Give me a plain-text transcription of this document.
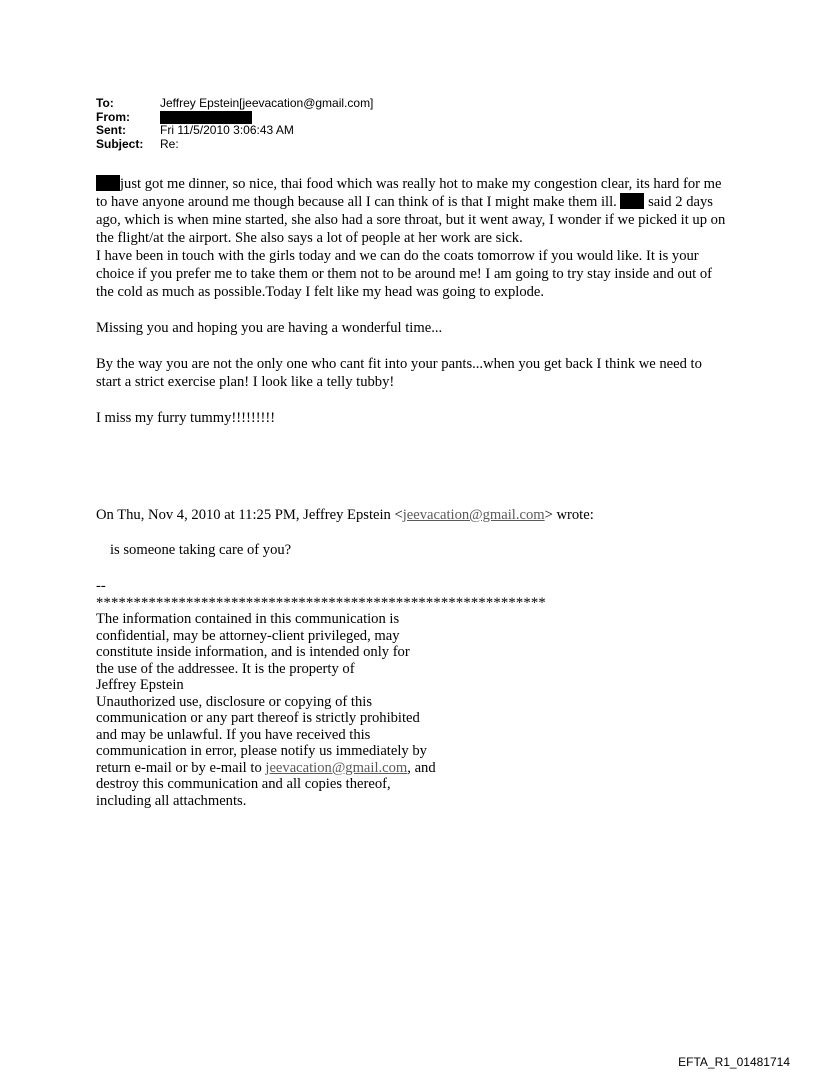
To:	Jeffrey Epstein[jeevacation@gmail.com]
From:
Sent:	Fri 11/5/2010 3:06:43 AM
Subject:	Re:

just got me dinner, so nice, thai food which was really hot to make my congestion clear, its hard for me to have anyone around me though because all I can think of is that I might make them ill. said 2 days ago, which is when mine started, she also had a sore throat, but it went away, I wonder if we picked it up on the flight/at the airport. She also says a lot of people at her work are sick.

I have been in touch with the girls today and we can do the coats tomorrow if you would like. It is your choice if you prefer me to take them or them not to be around me! I am going to try stay inside and out of the cold as much as possible.Today I felt like my head was going to explode.

Missing you and hoping you are having a wonderful time...

By the way you are not the only one who cant fit into your pants...when you get back I think we need to start a strict exercise plan! I look like a telly tubby!

I miss my furry tummy!!!!!!!!!

On Thu, Nov 4, 2010 at 11:25 PM, Jeffrey Epstein <jeevacation@gmail.com> wrote:
is someone taking care of you?

--

************************************************************

The information contained in this communication is

confidential, may be attorney-client privileged, may

constitute inside information, and is intended only for

the use of the addressee. It is the property of

Jeffrey Epstein

Unauthorized use, disclosure or copying of this

communication or any part thereof is strictly prohibited

and may be unlawful. If you have received this

communication in error, please notify us immediately by

return e-mail or by e-mail to jeevacation@gmail.com, and

destroy this communication and all copies thereof,

including all attachments.

EFTA_R1_01481714
